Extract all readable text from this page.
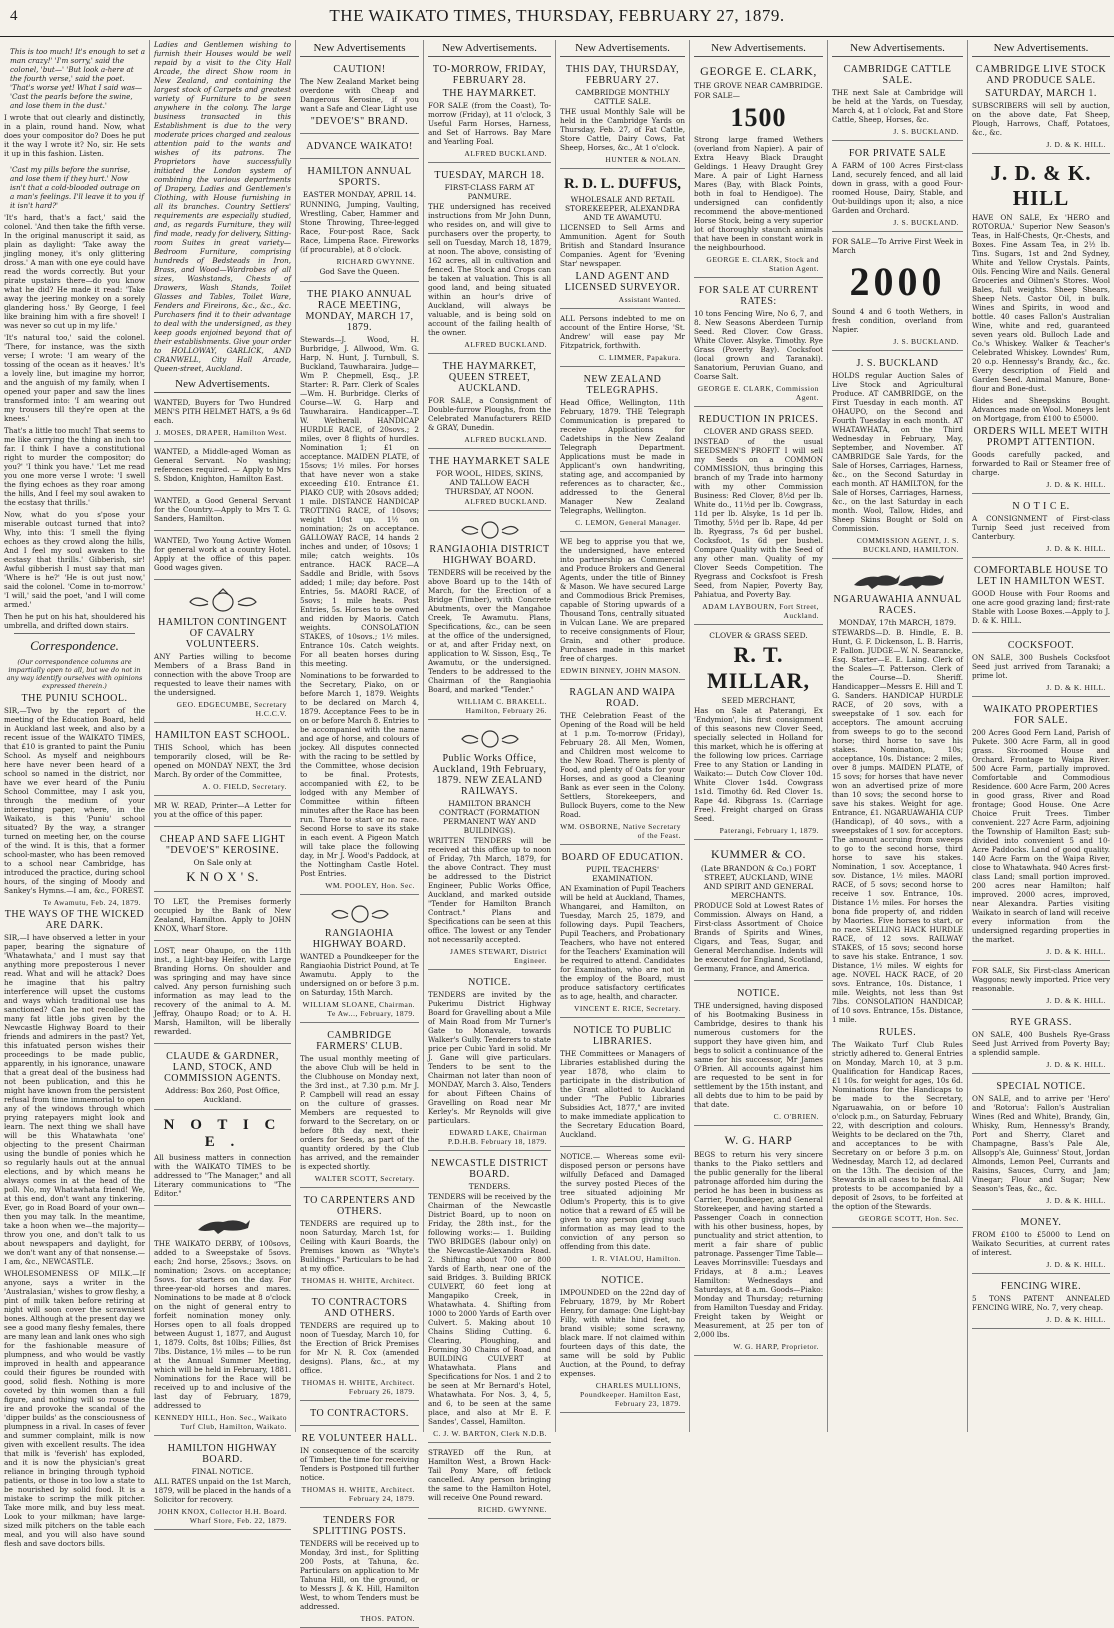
4	THE WAIKATO TIMES, THURSDAY, FEBRUARY 27, 1879.

This is too much! It's enough to set a man crazy!' 'I'm sorry,' said the colonel, 'but—' 'But look a-here at the fourth verse,' said the poet. 'That's worse yet! What I said was— 'Cast the pearls before the swine, and lose them in the dust.'

I wrote that out clearly and distinctly, in a plain, round hand. Now, what does your compositor do? Does he put it the way I wrote it? No, sir. He sets it up in this fashion. Listen.

'Cast my pills before the sunrise, and lose them if they hurt.' Now isn't that a cold-blooded outrage on a man's feelings. I'll leave it to you if it isn't hard?'

'It's hard, that's a fact,' said the colonel. 'And then take the fifth verse. In the original manuscript it said, as plain as daylight: 'Take away the jingling money, it's only glittering dross.' A man with one eye could have read the words correctly. But your pirate upstairs there—do you know what he did? He made it read: 'Take away the jeering monkey on a sorely glandering hoss.' By George, I feel like braining him with a fire shovel! I was never so cut up in my life.'

'It's natural too,' said the colonel. 'There, for instance, was the sixth verse; I wrote: 'I am weary of the tossing of the ocean as it heaves.' It's a lovely line, but imagine my horror, and the anguish of my family, when I opened your paper and saw the lines transformed into: 'I am wearing out my trousers till they're open at the knees.'

That's a little too much! That seems to me like carrying the thing an inch too far. I think I have a constitutional right to murder the compositor; do you?' 'I think you have.' 'Let me read you one more verse I wrote: 'I swell the flying echoes as they roar among the hills, And I feel my soul awaken to the ecstasy that thrills.'

Now, what do you s'pose your miserable outcast turned that into? Why, into this: 'I smell the flying echoes as they crowd along the hills, And I feel my soul awaken to the ecstasy that thrills.' Gibberish, sir! Awful gibberish I must say that man 'Where is he?' 'He is out just now,' said the colonel. 'Come in to-morrow.' 'I will,' said the poet, 'and I will come armed.'

Then he put on his hat, shouldered his umbrella, and drifted down stairs.

Correspondence.
(Our correspondence columns are impartially open to all, but we do not in any way identify ourselves with opinions expressed therein.)
THE PUNIU SCHOOL.

SIR,—Two by the report of the meeting of the Education Board, held in Auckland last week, and also by a recent issue of the WAIKATO TIMES, that £10 is granted to paint the Puniu School. As myself and neighbours here have never been heard of a school so named in the district, nor have we ever heard of the Puniu School Committee, may I ask you, through the medium of your interesting paper, where, in the Waikato, is this 'Puniu' school situated? By the way, a stranger turned on meeting her, on the course of the wind. It is this, that a former school-master, who has been removed to a school near Cambridge, has introduced the practice, during school hours, of the singing of Moody and Sankey's Hymns.—I am, &c., FOREST.

Te Awamutu, Feb. 24, 1879.

THE WAYS OF THE WICKED ARE DARK.

SIR,—I have observed a letter in your paper, bearing the signature of 'Whatawhata,' and I must say that anything more preposterous I never read. What and will he attack? Does he imagine that his paltry interference will upset the customs and ways which traditional use has sanctioned? Can he not recollect the many fat little jobs given by the Newcastle Highway Board to their friends and admirers in the past? Yet, this infatuated person wishes their proceedings to be made public, apparently, in his ignorance, unaware that a great deal of the business had not been publication, and this he might have known from the persistent refusal from time immemorial to open any of the windows through which prying ratepayers might look and learn. The next thing we shall have will be this Whatawhata 'one' objecting to the present Chairman using the bundle of ponies which he so regularly hauls out at the annual elections, and by which means he always comes in at the head of the poll. No, my Whatawhata friend! We, at this end, don't want any tinkering. Ever, go in Road Board of your own—then you may talk. In the meantime, take a hoon when we—the majority—throw you one, and don't talk to us about newspapers and daylight, for we don't want any of that nonsense.—I am, &c., NEWCASTLE.

WHOLESOMENESS OF MILK.—If anyone, says a writer in the 'Australasian,' wishes to grow fleshy, a pint of milk taken before retiring at night will soon cover the scrawniest bones. Although at the present day we see a good many fleshy females, there are many lean and lank ones who sigh for the fashionable measure of plumpness, and who would be vastly improved in health and appearance could their figures be rounded with good, solid flesh. Nothing is more coveted by thin women than a full figure, and nothing will so rouse the ire and provoke the scandal of the 'dipper builds' as the consciousness of plumpness in a rival. In cases of fever and summer complaint, milk is now given with excellent results. The idea that milk is 'feverish' has exploded, and it is now the physician's great reliance in bringing through typhoid patients, or those in too low a state to be nourished by solid food. It is a mistake to scrimp the milk pitcher. Take more milk, and buy less meat. Look to your milkman; have large-sized milk pitchers on the table each meal, and you will also have sound flesh and save doctors bills.

Ladies and Gentlemen wishing to furnish their Houses would be well repaid by a visit to the City Hall Arcade, the direct Show room in New Zealand, and containing the largest stock of Carpets and greatest variety of Furniture to be seen anywhere in the colony. The large business transacted in this Establishment is due to the very moderate prices charged and zealous attention paid to the wants and wishes of its patrons. The Proprietors have successfully initiated the London system of combining the various departments of Drapery, Ladies and Gentlemen's Clothing, with House furnishing in all its branches. Country Settlers' requirements are especially studied, and, as regards Furniture, they will find made, ready for delivery, Sitting-room Suites in great variety—Bedroom Furniture, comprising hundreds of Bedsteads in Iron, Brass, and Wood—Wardrobes of all sizes, Washstands, Chests of Drawers, Wash Stands, Toilet Glasses and Tables, Toilet Ware, Fenders and Fireirons, &c., &c., &c. Purchasers find it to their advantage to deal with the undersigned, as they keep goods enjoined beyond that of their establishments. Give your order to HOLLOWAY, GARLICK, AND CRANWELL, City Hall Arcade, Queen-street, Auckland.

New Advertisements.

WANTED, Buyers for Two Hundred MEN'S PITH HELMET HATS, a 9s 6d each.

J. MOSES, DRAPER, Hamilton West.

WANTED, a Middle-aged Woman as General Servant. No washing; references required. — Apply to Mrs S. Sbdon, Knighton, Hamilton East.

WANTED, a Good General Servant for the Country.—Apply to Mrs T. G. Sanders, Hamilton.

WANTED, Two Young Active Women for general work at a country Hotel. Apply at the office of this paper. Good wages given.

HAMILTON CONTINGENT OF CAVALRY VOLUNTEERS.

ANY Parties willing to become Members of a Brass Band in connection with the above Troop are requested to leave their names with the undersigned.

GEO. EDGECUMBE, Secretary H.C.C.V.

HAMILTON EAST SCHOOL.

THIS School, which has been temporarily closed, will be Re-opened on MONDAY NEXT, the 3rd March. By order of the Committee,

A. O. FIELD, Secretary.

MR W. READ, Printer—A Letter for you at the office of this paper.

CHEAP AND SAFE LIGHT "DEVOE'S" KEROSINE.
On Sale only at
K N O X ' S.

TO LET, the Premises formerly occupied by the Bank of New Zealand, Hamilton. Apply to JOHN KNOX, Wharf Store.

LOST, near Ohaupo, on the 11th inst., a Light-bay Heifer, with Large Branding Horns. On shoulder and was springing and may have since calved. Any person furnishing such information as may lead to the recovery of the animal to A. M. Jeffray, Ohaupo Road; or to A. H. Marsh, Hamilton, will be liberally rewarded.

CLAUDE & GARDNER, LAND, STOCK, AND COMMISSION AGENTS.
Address: Box 260, Post Office, Auckland.
N O T I C E .

All business matters in connection with the WAIKATO TIMES to be addressed to "The Manager," and all Literary communications to "The Editor."

THE WAIKATO DERBY, of 100sovs, added to a Sweepstake of 5sovs. each; 2nd horse, 25sovs.; 3sovs. on nomination; 2sovs. on acceptance; 5sovs. for starters on the day. For three-year-old horses and mares. Nominations to be made at 8 o'clock on the night of general entry to forfeit nomination money only. Horses open to all foals dropped between August 1, 1877, and August 1, 1879. Colts, 8st 10lbs; Fillies, 8st 7lbs. Distance, 1½ miles — to be run at the Annual Summer Meeting, which will be held in February, 1881. Nominations for the Race will be received up to and inclusive of the last day of February, 1879, addressed to

KENNEDY HILL, Hon. Sec., Waikato Turf Club, Hamilton, Waikato.

HAMILTON HIGHWAY BOARD.
FINAL NOTICE.

ALL RATES unpaid on the 1st March, 1879, will be placed in the hands of a Solicitor for recovery.

JOHN KNOX, Collector H.H. Board. Wharf Store, Feb. 22, 1879.

New Advertisements
CAUTION!

The New Zealand Market being overdone with Cheap and Dangerous Kerosine, if you want a Safe and Clear Light use

"DEVOE'S" BRAND.
ADVANCE WAIKATO!
HAMILTON ANNUAL SPORTS.
EASTER MONDAY, APRIL 14.

RUNNING, Jumping, Vaulting, Wrestling, Caber, Hammer and Stone Throwing, Three-legged Race, Four-post Race, Sack Race, Limpena Race. Fireworks (if procurable), at 8 o'clock.

RICHARD GWYNNE.

God Save the Queen.
THE PIAKO ANNUAL RACE MEETING, MONDAY, MARCH 17, 1879.

Stewards—J. Wood, H. Burbridge, J. Allwood, Wm. G. Harp, N. Hunt, J. Turnbull, S. Buckland, Tauwharaira. Judge—Wm P. Chepmell, Esq., J.P. Starter: R. Parr. Clerk of Scales—Wm. H. Burbridge. Clerks of Course—W. G. Harp and Tauwharaira. Handicapper—T. W. Wetherall. HANDICAP HURDLE RACE, of 20sovs.; 2 miles, over 8 flights of hurdles. Nomination 1; £1 on acceptance. MAIDEN PLATE, of 15sovs; 1½ miles. For horses that have never won a stake exceeding £10. Entrance £1. PIAKO CUP, with 20sovs added; 1 mile. DISTANCE HANDICAP TROTTING RACE, of 10sovs; weight 10st up. 1½ on nomination; 2s on acceptance. GALLOWAY RACE, 14 hands 2 inches and under, of 10sovs; 1 mile; catch weights. 10s entrance. HACK RACE—A Saddle and Bridle, with 5sovs added; 1 mile; day before. Post Entries, 5s. MAORI RACE, of 5sovs; 1 mile heats. Post Entries, 5s. Horses to be owned and ridden by Maoris. Catch weights. CONSOLATION STAKES, of 10sovs.; 1½ miles. Entrance 10s. Catch weights. For all beaten horses during this meeting.

Nominations to be forwarded to the Secretary, Piako, on or before March 1, 1879. Weights to be declared on March 4, 1879. Acceptance Fees to be in on or before March 8. Entries to be accompanied with the name and age of horse, and colours of jockey. All disputes connected with the racing to be settled by the Committee, whose decision to be final. Protests, accompanied with £2, to be lodged with any Member of Committee within fifteen minutes after the Race has been run. Three to start or no race. Second Horse to save its stake in each event. A Pigeon Match will take place the following day, in Mr J. Wood's Paddock, at the Nottingham Castle Hotel. Post Entries.

WM. POOLEY, Hon. Sec.

RANGIAOHIA HIGHWAY BOARD.

WANTED a Poundkeeper for the Rangiaohia District Pound, at Te Awamutu. Apply to the undersigned on or before 3 p.m. on Saturday, 15th March.

WILLIAM SLOANE, Chairman. Te Aw..., February, 1879.

CAMBRIDGE FARMERS' CLUB.

The usual monthly meeting of the above Club will be held in the Clubhouse on Monday next, the 3rd inst., at 7.30 p.m. Mr J. P. Campbell will read an essay on the culture of grasses. Members are requested to forward to the Secretary, on or before 8th day next, their orders for Seeds, as part of the quantity ordered by the Club has arrived, and the remainder is expected shortly.

WALTER SCOTT, Secretary.

TO CARPENTERS AND OTHERS.

TENDERS are required up to noon Saturday, March 1st, for Ceiling with Kauri Boards, the Premises known as "Whyte's Buildings." Particulars to be had at my office.

THOMAS H. WHITE, Architect.

TO CONTRACTORS AND OTHERS.

TENDERS are required up to noon of Tuesday, March 10, for the Erection of Brick Premises for Mr N. R. Cox (amended designs). Plans, &c., at my office.

THOMAS H. WHITE, Architect. February 26, 1879.

TO CONTRACTORS.
RE VOLUNTEER HALL.

IN consequence of the scarcity of Timber, the time for receiving Tenders is Postponed till further notice.

THOMAS H. WHITE, Architect. February 24, 1879.

TENDERS FOR SPLITTING POSTS.

TENDERS will be received up to Monday, 3rd inst., for Splitting 200 Posts, at Tahuna, &c. Particulars on application to Mr Tahuna Hill, on the ground, or to Messrs J. & K. Hill, Hamilton West, to whom Tenders must be addressed.

THOS. PATON.

New Advertisements.
TO-MORROW, FRIDAY, FEBRUARY 28.
THE HAYMARKET.

FOR SALE (from the Coast), To-morrow (Friday), at 11 o'clock, 3 Useful Farm Horses, Harness, and Set of Harrows. Bay Mare and Yearling Foal.

ALFRED BUCKLAND.

TUESDAY, MARCH 18.
FIRST-CLASS FARM AT PANMURE.

THE undersigned has received instructions from Mr John Dunn, who resides on, and will give to purchasers over the property, to sell on Tuesday, March 18, 1879, at noon. The above, consisting of 162 acres, all in cultivation and fenced. The Stock and Crops can be taken at valuation. This is all good land, and being situated within an hour's drive of Auckland, will always be valuable, and is being sold on account of the failing health of the owner.

ALFRED BUCKLAND.

THE HAYMARKET, QUEEN STREET, AUCKLAND.

FOR SALE, a Consignment of Double-furrow Ploughs, from the Celebrated Manufacturers REID & GRAY, Dunedin.

ALFRED BUCKLAND.

THE HAYMARKET SALE
FOR WOOL, HIDES, SKINS, AND TALLOW EACH THURSDAY, AT NOON.

ALFRED BUCKLAND.

RANGIAOHIA DISTRICT HIGHWAY BOARD.

TENDERS will be received by the above Board up to the 14th of March, for the Erection of a Bridge (Timber), with Concrete Abutments, over the Mangahoe Creek, Te Awamutu. Plans, Specifications, &c., can be seen at the office of the undersigned, or at, and after Friday next, on application to W. Sisson, Esq., Te Awamutu, or the undersigned. Tenders to be addressed to the Chairman of the Rangiaohia Board, and marked "Tender."

WILLIAM C. BRAKELL. Hamilton, February 26.

Public Works Office, Auckland, 19th February, 1879. NEW ZEALAND RAILWAYS.
HAMILTON BRANCH CONTRACT (FORMATION PERMANENT WAY AND BUILDINGS).

WRITTEN TENDERS will be received at this office up to noon of Friday, 7th March, 1879, for the above Contract. They must be addressed to the District Engineer, Public Works Office, Auckland, and marked outside "Tender for Hamilton Branch Contract." Plans and Specifications can be seen at this office. The lowest or any Tender not necessarily accepted.

JAMES STEWART, District Engineer.

NOTICE.

TENDERS are invited by the Pukerimu District Highway Board for Gravelling about a Mile of Main Road from Mr Turner's Gate to Monavale, towards Walker's Gully. Tenderers to state price per Cubic Yard in solid. Mr J. Gane will give particulars. Tenders to be sent to the Chairman not later than noon of MONDAY, March 3. Also, Tenders for about Fifteen Chains of Gravelling on Road near Mr Kerley's. Mr Reynolds will give particulars.

EDWARD LAKE, Chairman P.D.H.B. February 18, 1879.

NEWCASTLE DISTRICT BOARD.
TENDERS.

TENDERS will be received by the Chairman of the Newcastle District Board, up to noon on Friday, the 28th inst., for the following works:— 1. Building TWO BRIDGES (labour only) on the Newcastle-Alexandra Road. 2. Shifting about 700 or 800 Yards of Earth, near one of the said Bridges. 3. Building BRICK CULVERT, 60 feet long at Mangapiko Creek, in Whatawhata. 4. Shifting from 1000 to 2000 Yards of Earth over Culvert. 5. Making about 10 Chains Sliding Cutting. 6. Clearing, Ploughing, and Forming 30 Chains of Road, and BUILDING CULVERT at Whatawhata. Plans and Specifications for Nos. 1 and 2 to be seen at Mr Bernard's Hotel, Whatawhata. For Nos. 3, 4, 5, and 6, to be seen at the same place, and also at Mr E. F. Sandes', Cassel, Hamilton.

C. J. W. BARTON, Clerk N.D.B.

STRAYED off the Run, at Hamilton West, a Brown Hack-Tail Pony Mare, off fetlock cancelled. Any person bringing the same to the Hamilton Hotel, will receive One Pound reward.

RICHD. GWYNNE.

New Advertisements.
THIS DAY, THURSDAY, FEBRUARY 27.
CAMBRIDGE MONTHLY CATTLE SALE.

THE usual Monthly Sale will be held in the Cambridge Yards on Thursday, Feb. 27, of Fat Cattle, Store Cattle, Dairy Cows, Fat Sheep, Horses, &c., At 1 o'clock.

HUNTER & NOLAN.

R. D. L. DUFFUS,
WHOLESALE AND RETAIL STOREKEEPER, ALEXANDRA AND TE AWAMUTU.

LICENSED to Sell Arms and Ammunition. Agent for South British and Standard Insurance Companies. Agent for 'Evening Star' newspaper.

LAND AGENT AND LICENSED SURVEYOR.

Assistant Wanted.

ALL Persons indebted to me on account of the Entire Horse, 'St. Andrew' will ease pay Mr Fitzpatrick, forthwith.

C. LIMMER, Papakura.

NEW ZEALAND TELEGRAPHS.

Head Office, Wellington, 11th February, 1879. THE Telegraph Communication is prepared to receive Applications for Cadetships in the New Zealand Telegraph Department. Applications must be made in Applicant's own handwriting, stating age, and accompanied by references as to character, &c., addressed to the General Manager New Zealand Telegraphs, Wellington.

C. LEMON, General Manager.

WE beg to apprise you that we, the undersigned, have entered into partnership as Commercial and Produce Brokers and General Agents, under the title of Binney & Mason. We have secured Large and Commodious Brick Premises, capable of Storing upwards of a Thousand Tons, centrally situated in Vulcan Lane. We are prepared to receive consignments of Flour, Grain, and other produce. Purchases made in this market free of charges.

EDWIN BINNEY, JOHN MASON.

RAGLAN AND WAIPA ROAD.

THE Celebration Feast of the Opening of the Road will be held at 1 p.m. To-morrow (Friday), February 28. All Men, Women, and Children most welcome to the New Road. There is plenty of Food, and plenty of Oats for your Horses, and as good a Cleaning Bank as ever seen in the Colony. Settlers, Storekeepers, and Bullock Buyers, come to the New Road.

WM. OSBORNE, Native Secretary of the Feast.

BOARD OF EDUCATION.
PUPIL TEACHERS' EXAMINATION.

AN Examination of Pupil Teachers will be held at Auckland, Thames, Whangarei, and Hamilton, on Tuesday, March 25, 1879, and following days. Pupil Teachers, Pupil Teachers, and Probationary Teachers, who have not entered for the Teachers' Examination will be required to attend. Candidates for Examination, who are not in the employ of the Board, must produce satisfactory certificates as to age, health, and character.

VINCENT E. RICE, Secretary.

NOTICE TO PUBLIC LIBRARIES.

THE Committees or Managers of Libraries established during the year 1878, who claim to participate in the distribution of the Grant allotted to Auckland under "The Public Libraries Subsidies Act, 1877," are invited to make immediate application to the Secretary Education Board, Auckland.

NOTICE.— Whereas some evil-disposed person or persons have wilfully Defaced and Damaged the survey posted Pieces of the tree situated adjoining Mr Odlum's Property, this is to give notice that a reward of £5 will be given to any person giving such information as may lead to the conviction of any person so offending from this date.

I. R. VIALOU, Hamilton.

NOTICE.

IMPOUNDED on the 22nd day of February, 1879, by Mr Robert Henry, for damage: One Light-bay Filly, with white hind feet, no brand visible; some scrawny, black mare. If not claimed within fourteen days of this date, the same will be sold by Public Auction, at the Pound, to defray expenses.

CHARLES MULLIONS, Poundkeeper. Hamilton East, February 23, 1879.

New Advertisements.
GEORGE E. CLARK,
THE GROVE NEAR CAMBRIDGE.

FOR SALE—

1500

Strong large framed Wethers (overland from Napier). A pair of Extra Heavy Black Draught Geldings. 1 Heavy Draught Grey Mare. A pair of Light Harness Mares (Bay, with Black Points, both in foal to Hendigoe). The undersigned can confidently recommend the above-mentioned Horse Stock, being a very superior lot of thoroughly staunch animals that have been in constant work in the neighbourhood.

GEORGE E. CLARK, Stock and Station Agent.

FOR SALE AT CURRENT RATES:

10 tons Fencing Wire, No 6, 7, and 8. New Seasons Aberdeen Turnip Seed. Red Clover. Cow Grass. White Clover. Alsyke. Timothy. Rye Grass (Poverty Bay). Cocksfoot (local grown and Taranaki). Sanatorium, Peruvian Guano, and Coarse Salt.

GEORGE E. CLARK, Commission Agent.

REDUCTION IN PRICES.
CLOVER AND GRASS SEED.

INSTEAD of the usual SEEDSMEN'S PROFIT I will sell my Seeds on a COMMON COMMISSION, thus bringing this branch of my Trade into harmony with my other Commission Business: Red Clover, 8½d per lb. White do., 11½d per lb. Cowgrass, 11d per lb. Alsyke, 1s 1d per lb. Timothy, 5½d per lb. Rape, 4d per lb. Ryegrass, 7s 6d per bushel. Cocksfoot, 1s 6d per bushel. Compare Quality with the Seed of any other man. Quality of my Clover Seeds Competition. The Ryegrass and Cocksfoot is Fresh Seed, from Napier, Poverty Bay, Pahiatua, and Poverty Bay.

ADAM LAYBOURN, Fort Street, Auckland.

CLOVER & GRASS SEED.
R. T. MILLAR,
SEED MERCHANT,

Has on Sale at Paterangi, Ex 'Endymion', his first consignment of this seasons new Clover Seed, specially selected in Holland for this market, which he is offering at the following low prices. Carriage Free to any Station or Landing in Waikato:— Dutch Cow Clover 10d. White Clover 1s4d. Cowgrass 1s1d. Timothy 6d. Red Clover 1s. Rape 4d. Ribgrass 1s. (Carriage Free). Freight charged on Grass Seed.

Paterangi, February 1, 1879.

KUMMER & CO.
(Late BRANDON & Co.) FORT STREET, AUCKLAND, WINE AND SPIRIT AND GENERAL MERCHANTS.

PRODUCE Sold at Lowest Rates of Commission. Always on Hand, a First-class Assortment of Choice Brands of Spirits and Wines, Cigars, and Teas, Sugar, and General Merchandise. Indents will be executed for England, Scotland, Germany, France, and America.

NOTICE.

THE undersigned, having disposed of his Bootmaking Business in Cambridge, desires to thank his numerous customers for the support they have given him, and begs to solicit a continuance of the same for his successor, Mr James O'Brien. All accounts against him are requested to be sent in for settlement by the 15th instant, and all debts due to him to be paid by that date.

C. O'BRIEN.

W. G. HARP

BEGS to return his very sincere thanks to the Piako settlers and the public generally for the liberal patronage afforded him during the period he has been in business as Carrier, Poundkeeper, and General Storekeeper, and having started a Passenger Coach in connection with his other business, hopes, by punctuality and strict attention, to merit a fair share of public patronage. Passenger Time Table—Leaves Morrinsville: Tuesdays and Fridays, at 8 a.m.; Leaves Hamilton: Wednesdays and Saturdays, at 8 a.m. Goods—Piako: Monday and Thursday; returning from Hamilton Tuesday and Friday. Freight taken by Weight or Measurement, at 25 per ton of 2,000 lbs.

W. G. HARP, Proprietor.

New Advertisements.
CAMBRIDGE CATTLE SALE.

THE next Sale at Cambridge will be held at the Yards, on Tuesday, March 4, at 1 o'clock, Fat and Store Cattle, Sheep, Horses, &c.

J. S. BUCKLAND.

FOR PRIVATE SALE

A FARM of 100 Acres First-class Land, securely fenced, and all laid down in grass, with a good Four-roomed House, Dairy, Stable, and Out-buildings upon it; also, a nice Garden and Orchard.

J. S. BUCKLAND.

FOR SALE—To Arrive First Week in March

2000

Sound 4 and 6 tooth Wethers, in fresh condition, overland from Napier.

J. S. BUCKLAND.

J. S. BUCKLAND

HOLDS regular Auction Sales of Live Stock and Agricultural Produce. AT CAMBRIDGE, on the First Tuesday in each month. AT OHAUPO, on the Second and Fourth Tuesday in each month. AT WHATAWHATA, on the Third Wednesday in February, May, September, and November. AT CAMBRIDGE Sale Yards, for the Sale of Horses, Carriages, Harness, &c., on the Second Saturday in each month. AT HAMILTON, for the Sale of Horses, Carriages, Harness, &c., on the last Saturday in each month. Wool, Tallow, Hides, and Sheep Skins Bought or Sold on Commission.

COMMISSION AGENT, J. S. BUCKLAND, HAMILTON.

NGARUAWAHIA ANNUAL RACES.
MONDAY, 17th MARCH, 1879.

STEWARDS—D. B. Hindle, E. B. Hunt, G. F. Dickenson, L. B. Harris, P. Fallon. JUDGE—W. N. Searancke, Esq. Starter—E. E. Laing. Clerk of the Scales—T. Patterson. Clerk of the Course—D. Sheriff. Handicapper—Messrs E. Hill and T. G. Sanders. HANDICAP HURDLE RACE, of 20 sovs, with a sweepstake of 1 sov. each for acceptors. The amount accruing from sweeps to go to the second horse; third horse to save his stakes. Nomination, 10s; acceptance, 10s. Distance: 2 miles, over 8 jumps. MAIDEN PLATE, of 15 sovs; for horses that have never won an advertised prize of more than 10 sovs; the second horse to save his stakes. Weight for age. Entrance, £1. NGARUAWAHIA CUP (Handicap), of 40 sovs., with a sweepstakes of 1 sov. for acceptors. The amount accruing from sweeps to go to the second horse, third horse to save his stakes. Nomination, 1 sov. Acceptance, 1 sov. Distance, 1½ miles. MAORI RACE, of 5 sovs; second horse to receive 1 sov. Entrance, 10s. Distance 1½ miles. For horses the bona fide property of, and ridden by Maories. Five horses to start, or no race. SELLING HACK HURDLE RACE, of 12 sovs. RAILWAY STAKES, of 15 sovs; second horse to save his stake. Entrance, 1 sov. Distance, 1½ miles. W eights for age. NOVEL HACK RACE, of 20 sovs. Entrance, 10s. Distance, 1 mile. Weights, not less than 9st 7lbs. CONSOLATION HANDICAP, of 10 sovs. Entrance, 15s. Distance, 1 mile.

RULES.

The Waikato Turf Club Rules strictly adhered to. General Entries on Monday, March 10, at 3 p.m. Qualification for Handicap Races, £1 10s. for weight for ages, 10s 6d. Nominations for the Handicaps to be made to the Secretary, Ngaruawahia, on or before 10 o'clock p.m., on Saturday, February 22, with description and colours. Weights to be declared on the 7th, and acceptances to be with Secretary on or before 3 p.m. on Wednesday, March 12, ad declared on the 13th. The decision of the Stewards in all cases to be final. All protests to be accompanied by a deposit of 2sovs, to be forfeited at the option of the Stewards.

GEORGE SCOTT, Hon. Sec.

New Advertisements.
CAMBRIDGE LIVE STOCK AND PRODUCE SALE.
SATURDAY, MARCH 1.

SUBSCRIBERS will sell by auction, on the above date, Fat Sheep, Plough, Harrows, Chaff, Potatoes, &c., &c.

J. D. & K. HILL.

J. D. & K. HILL

HAVE ON SALE, Ex 'HERO and ROTORUA.' Superior New Season's Teas, in Half-Chests, Qr.-Chests, and Boxes. Fine Assam Tea, in 2½ lb. Tins. Sugars, 1st and 2nd Sydney, White and Yellow Crystals. Paints, Oils. Fencing Wire and Nails. General Groceries and Oilmen's Stores. Wool Bales, full weights. Sheep Shears, Sheep Nets. Castor Oil, in bulk. Wines and Spirits, in wood and bottle. 40 cases Fallon's Australian Wine, white and red, guaranteed seven years old. Bulloch Lade and Co.'s Whiskey. Walker & Teacher's Celebrated Whiskey. Lowndes' Rum, 20 o.p. Hennessy's Brandy, &c., &c. Every description of Field and Garden Seed. Animal Manure, Bone-flour and Bone-dust.

Hides and Sheepskins Bought. Advances made on Wool. Moneys lent on Mortgage, from £100 to £5000.

ORDERS WILL MEET WITH PROMPT ATTENTION.

Goods carefully packed, and forwarded to Rail or Steamer free of charge.

J. D. & K. HILL.

N O T I C E.

A CONSIGNMENT of First-class Turnip Seed just received from Canterbury.

J. D. & K. HILL.

COMFORTABLE HOUSE TO LET IN HAMILTON WEST.

GOOD House with Four Rooms and one acre good grazing land; first-rate Stable with Loose Boxes.—Apply to J. D. & K. HILL.

COCKSFOOT.

ON SALE, 300 Bushels Cocksfoot Seed just arrived from Taranaki; a prime lot.

J. D. & K. HILL.

WAIKATO PROPERTIES FOR SALE.

200 Acres Good Fern Land, Parish of Pukete. 300 Acre Farm, all in good grass. Six-roomed House and Orchard. Frontage to Waipa River. 500 Acre Farm, partially improved. Comfortable and Commodious Residence. 600 Acre Farm, 200 Acres in good grass, River and Road frontage; Good House. One Acre Choice Fruit Trees. Timber convenient. 227 Acre Farm, adjoining the Township of Hamilton East; sub-divided into convenient 5 and 10-Acre Paddocks. Land of good quality. 140 Acre Farm on the Waipa River, close to Whatawhata. 940 Acres first-class Land; small portion improved. 200 acres near Hamilton; half improved. 2000 acres, improved, near Alexandra. Parties visiting Waikato in search of land will receive every information from the undersigned regarding properties in the market.

J. D. & K. HILL.

FOR SALE, Six First-class American Waggons; newly imported. Price very reasonable.

J. D. & K. HILL.

RYE GRASS.

ON SALE, 400 Bushels Rye-Grass Seed Just Arrived from Poverty Bay; a splendid sample.

J. D. & K. HILL.

SPECIAL NOTICE.

ON SALE, and to arrive per 'Hero' and 'Rotorua': Fallon's Australian Wines (Red and White), Brandy, Gin, Whisky, Rum, Hennessy's Brandy, Port and Sherry, Claret and Champagne, Bass's Pale Ale, Allsopp's Ale, Guinness' Stout, Jordan Almonds, Lemon Peel, Currants and Raisins, Sauces, Curry, and Jam; Vinegar; Flour and Sugar; New Season's Teas, &c., &c.

J. D. & K. HILL.

MONEY.

FROM £100 to £5000 to Lend on Waikato Securities, at current rates of interest.

J. D. & K. HILL.

FENCING WIRE.

5 TONS PATENT ANNEALED FENCING WIRE, No. 7, very cheap.

J. D. & K. HILL.
